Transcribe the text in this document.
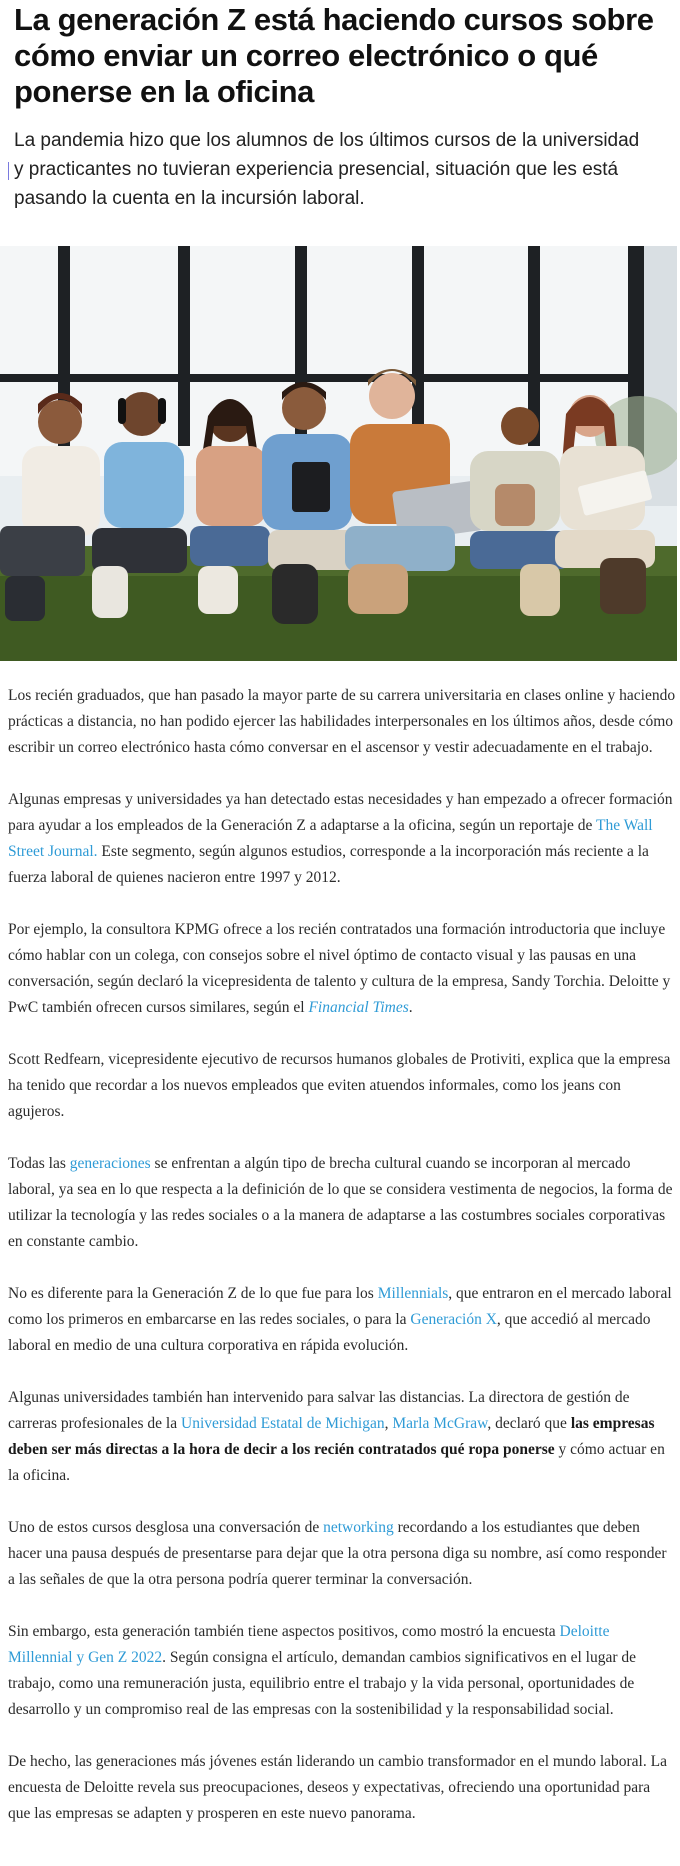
La generación Z está haciendo cursos sobre cómo enviar un correo electrónico o qué ponerse en la oficina

La pandemia hizo que los alumnos de los últimos cursos de la universidad y practicantes no tuvieran experiencia presencial, situación que les está pasando la cuenta en la incursión laboral.

Los recién graduados, que han pasado la mayor parte de su carrera universitaria en clases online y haciendo prácticas a distancia, no han podido ejercer las habilidades interpersonales en los últimos años, desde cómo escribir un correo electrónico hasta cómo conversar en el ascensor y vestir adecuadamente en el trabajo.

Algunas empresas y universidades ya han detectado estas necesidades y han empezado a ofrecer formación para ayudar a los empleados de la Generación Z a adaptarse a la oficina, según un reportaje de The Wall Street Journal. Este segmento, según algunos estudios, corresponde a la incorporación más reciente a la fuerza laboral de quienes nacieron entre 1997 y 2012.

Por ejemplo, la consultora KPMG ofrece a los recién contratados una formación introductoria que incluye cómo hablar con un colega, con consejos sobre el nivel óptimo de contacto visual y las pausas en una conversación, según declaró la vicepresidenta de talento y cultura de la empresa, Sandy Torchia. Deloitte y PwC también ofrecen cursos similares, según el Financial Times.

Scott Redfearn, vicepresidente ejecutivo de recursos humanos globales de Protiviti, explica que la empresa ha tenido que recordar a los nuevos empleados que eviten atuendos informales, como los jeans con agujeros.

Todas las generaciones se enfrentan a algún tipo de brecha cultural cuando se incorporan al mercado laboral, ya sea en lo que respecta a la definición de lo que se considera vestimenta de negocios, la forma de utilizar la tecnología y las redes sociales o a la manera de adaptarse a las costumbres sociales corporativas en constante cambio.

No es diferente para la Generación Z de lo que fue para los Millennials, que entraron en el mercado laboral como los primeros en embarcarse en las redes sociales, o para la Generación X, que accedió al mercado laboral en medio de una cultura corporativa en rápida evolución.

Algunas universidades también han intervenido para salvar las distancias. La directora de gestión de carreras profesionales de la Universidad Estatal de Michigan, Marla McGraw, declaró que las empresas deben ser más directas a la hora de decir a los recién contratados qué ropa ponerse y cómo actuar en la oficina.

Uno de estos cursos desglosa una conversación de networking recordando a los estudiantes que deben hacer una pausa después de presentarse para dejar que la otra persona diga su nombre, así como responder a las señales de que la otra persona podría querer terminar la conversación.

Sin embargo, esta generación también tiene aspectos positivos, como mostró la encuesta Deloitte Millennial y Gen Z 2022. Según consigna el artículo, demandan cambios significativos en el lugar de trabajo, como una remuneración justa, equilibrio entre el trabajo y la vida personal, oportunidades de desarrollo y un compromiso real de las empresas con la sostenibilidad y la responsabilidad social.

De hecho, las generaciones más jóvenes están liderando un cambio transformador en el mundo laboral. La encuesta de Deloitte revela sus preocupaciones, deseos y expectativas, ofreciendo una oportunidad para que las empresas se adapten y prosperen en este nuevo panorama.
